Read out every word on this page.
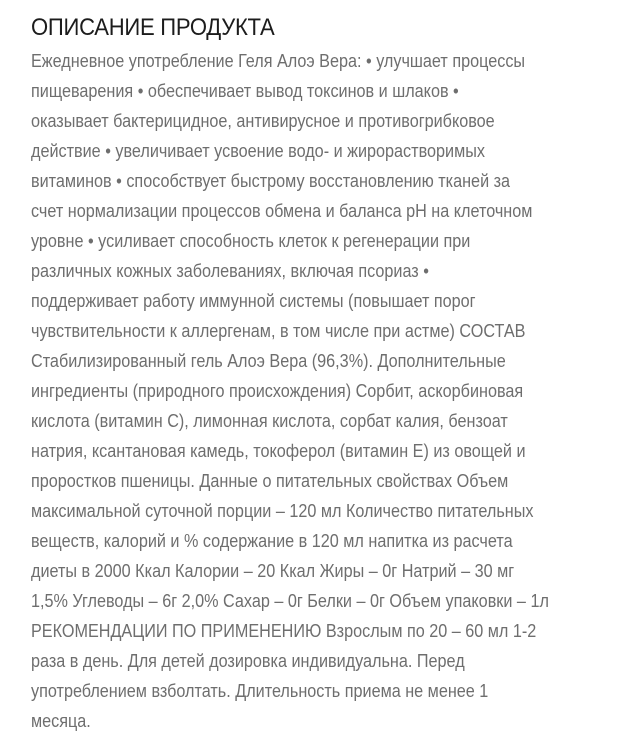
ОПИСАНИЕ ПРОДУКТА
Ежедневное употребление Геля Алоэ Вера: • улучшает процессы
пищеварения • обеспечивает вывод токсинов и шлаков •
оказывает бактерицидное, антивирусное и противогрибковое
действие • увеличивает усвоение водо- и жирорастворимых
витаминов • способствует быстрому восстановлению тканей за
счет нормализации процессов обмена и баланса pH на клеточном
уровне • усиливает способность клеток к регенерации при
различных кожных заболеваниях, включая псориаз •
поддерживает работу иммунной системы (повышает порог
чувствительности к аллергенам, в том числе при астме) СОСТАВ
Стабилизированный гель Алоэ Вера (96,3%). Дополнительные
ингредиенты (природного происхождения) Сорбит, аскорбиновая
кислота (витамин С), лимонная кислота, сорбат калия, бензоат
натрия, ксантановая камедь, токоферол (витамин Е) из овощей и
проростков пшеницы. Данные о питательных свойствах Объем
максимальной суточной порции – 120 мл Количество питательных
веществ, калорий и % содержание в 120 мл напитка из расчета
диеты в 2000 Ккал Калории – 20 Ккал Жиры – 0г Натрий – 30 мг
1,5% Углеводы – 6г 2,0% Сахар – 0г Белки – 0г Объем упаковки – 1л
РЕКОМЕНДАЦИИ ПО ПРИМЕНЕНИЮ Взрослым по 20 – 60 мл 1-2
раза в день. Для детей дозировка индивидуальна. Перед
употреблением взболтать. Длительность приема не менее 1
месяца.
